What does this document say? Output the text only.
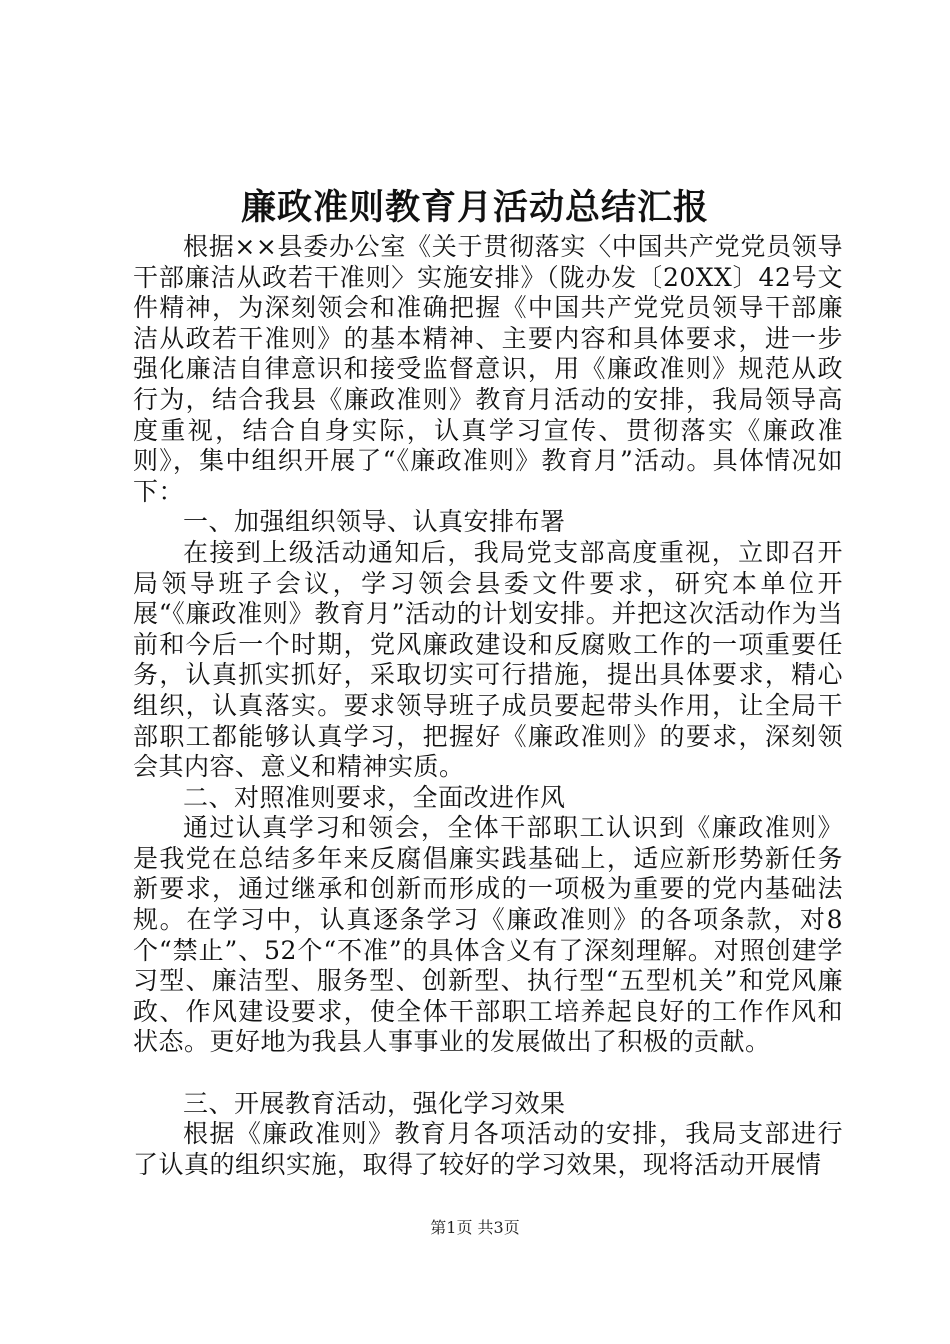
廉政准则教育月活动总结汇报

根据××县委办公室《关于贯彻落实〈中国共产党党员领导干部廉洁从政若干准则〉实施安排》（陇办发〔20XX〕42号文件精神，为深刻领会和准确把握《中国共产党党员领导干部廉洁从政若干准则》的基本精神、主要内容和具体要求，进一步强化廉洁自律意识和接受监督意识，用《廉政准则》规范从政行为，结合我县《廉政准则》教育月活动的安排，我局领导高度重视，结合自身实际，认真学习宣传、贯彻落实《廉政准则》，集中组织开展了“《廉政准则》教育月”活动。具体情况如下：

一、加强组织领导、认真安排布署

在接到上级活动通知后，我局党支部高度重视，立即召开局领导班子会议，学习领会县委文件要求，研究本单位开展“《廉政准则》教育月”活动的计划安排。并把这次活动作为当前和今后一个时期，党风廉政建设和反腐败工作的一项重要任务，认真抓实抓好，采取切实可行措施，提出具体要求，精心组织，认真落实。要求领导班子成员要起带头作用，让全局干部职工都能够认真学习，把握好《廉政准则》的要求，深刻领会其内容、意义和精神实质。

二、对照准则要求，全面改进作风

通过认真学习和领会，全体干部职工认识到《廉政准则》是我党在总结多年来反腐倡廉实践基础上，适应新形势新任务新要求，通过继承和创新而形成的一项极为重要的党内基础法规。在学习中，认真逐条学习《廉政准则》的各项条款，对8个“禁止”、52个“不准”的具体含义有了深刻理解。对照创建学习型、廉洁型、服务型、创新型、执行型“五型机关”和党风廉政、作风建设要求，使全体干部职工培养起良好的工作作风和状态。更好地为我县人事事业的发展做出了积极的贡献。

三、开展教育活动，强化学习效果

根据《廉政准则》教育月各项活动的安排，我局支部进行了认真的组织实施，取得了较好的学习效果，现将活动开展情

第1页 共3页
